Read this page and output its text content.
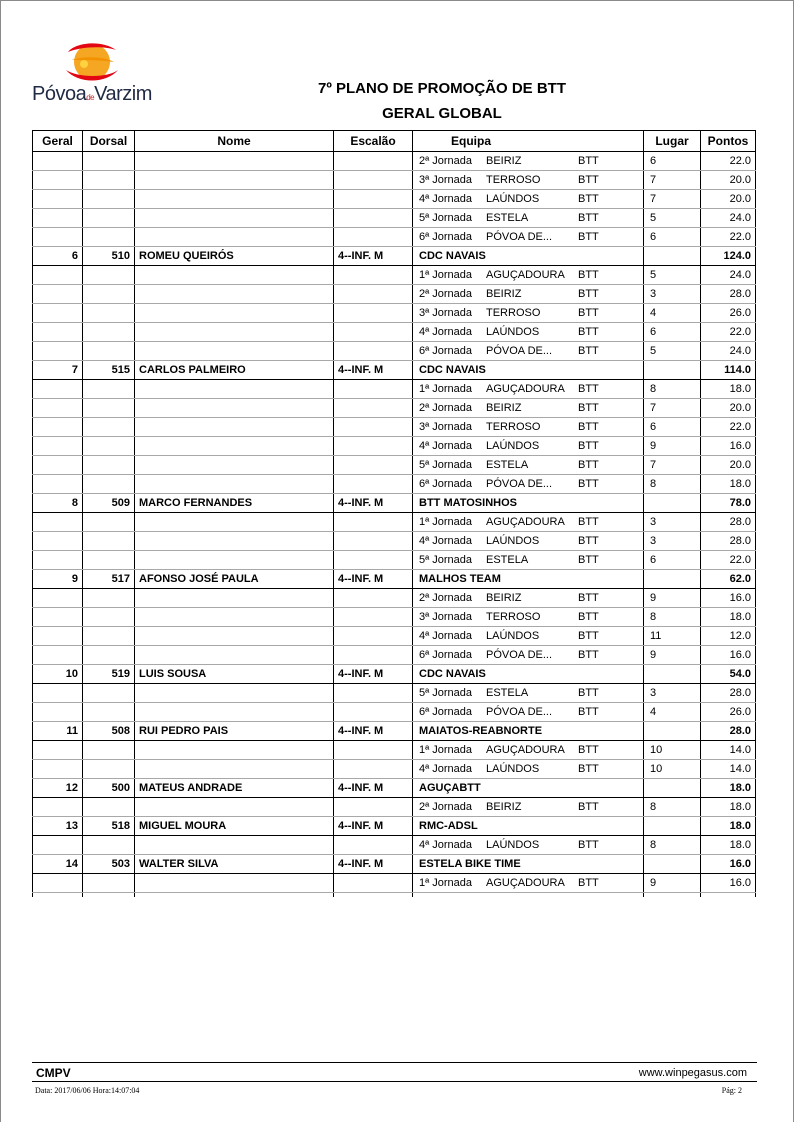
PóvoadeVarzim	7º PLANO DE PROMOÇÃO DE BTT
GERAL GLOBAL
Geral	Dorsal	Nome	Escalão	Equipa	Lugar	Pontos

				2ª Jornada BEIRIZ BTT	6	22.0

				3ª Jornada TERROSO BTT	7	20.0

				4ª Jornada LAÚNDOS BTT	7	20.0

				5ª Jornada ESTELA BTT	5	24.0

				6ª Jornada PÓVOA DE... BTT	6	22.0
6	510	ROMEU QUEIRÓS	4--INF. M	CDC NAVAIS		124.0

				1ª Jornada AGUÇADOURA BTT	5	24.0

				2ª Jornada BEIRIZ BTT	3	28.0

				3ª Jornada TERROSO BTT	4	26.0

				4ª Jornada LAÚNDOS BTT	6	22.0

				6ª Jornada PÓVOA DE... BTT	5	24.0
7	515	CARLOS PALMEIRO	4--INF. M	CDC NAVAIS		114.0

				1ª Jornada AGUÇADOURA BTT	8	18.0

				2ª Jornada BEIRIZ BTT	7	20.0

				3ª Jornada TERROSO BTT	6	22.0

				4ª Jornada LAÚNDOS BTT	9	16.0

				5ª Jornada ESTELA BTT	7	20.0

				6ª Jornada PÓVOA DE... BTT	8	18.0
8	509	MARCO FERNANDES	4--INF. M	BTT MATOSINHOS		78.0

				1ª Jornada AGUÇADOURA BTT	3	28.0

				4ª Jornada LAÚNDOS BTT	3	28.0

				5ª Jornada ESTELA BTT	6	22.0
9	517	AFONSO JOSÉ PAULA	4--INF. M	MALHOS TEAM		62.0

				2ª Jornada BEIRIZ BTT	9	16.0

				3ª Jornada TERROSO BTT	8	18.0

				4ª Jornada LAÚNDOS BTT	11	12.0

				6ª Jornada PÓVOA DE... BTT	9	16.0
10	519	LUIS SOUSA	4--INF. M	CDC NAVAIS		54.0

				5ª Jornada ESTELA BTT	3	28.0

				6ª Jornada PÓVOA DE... BTT	4	26.0
11	508	RUI PEDRO PAIS	4--INF. M	MAIATOS-REABNORTE		28.0

				1ª Jornada AGUÇADOURA BTT	10	14.0

				4ª Jornada LAÚNDOS BTT	10	14.0
12	500	MATEUS ANDRADE	4--INF. M	AGUÇABTT		18.0

				2ª Jornada BEIRIZ BTT	8	18.0
13	518	MIGUEL MOURA	4--INF. M	RMC-ADSL		18.0

				4ª Jornada LAÚNDOS BTT	8	18.0
14	503	WALTER SILVA	4--INF. M	ESTELA BIKE TIME		16.0

				1ª Jornada AGUÇADOURA BTT	9	16.0

CMPV	www.winpegasus.com
Data: 2017/06/06 Hora:14:07:04	Pág: 2
